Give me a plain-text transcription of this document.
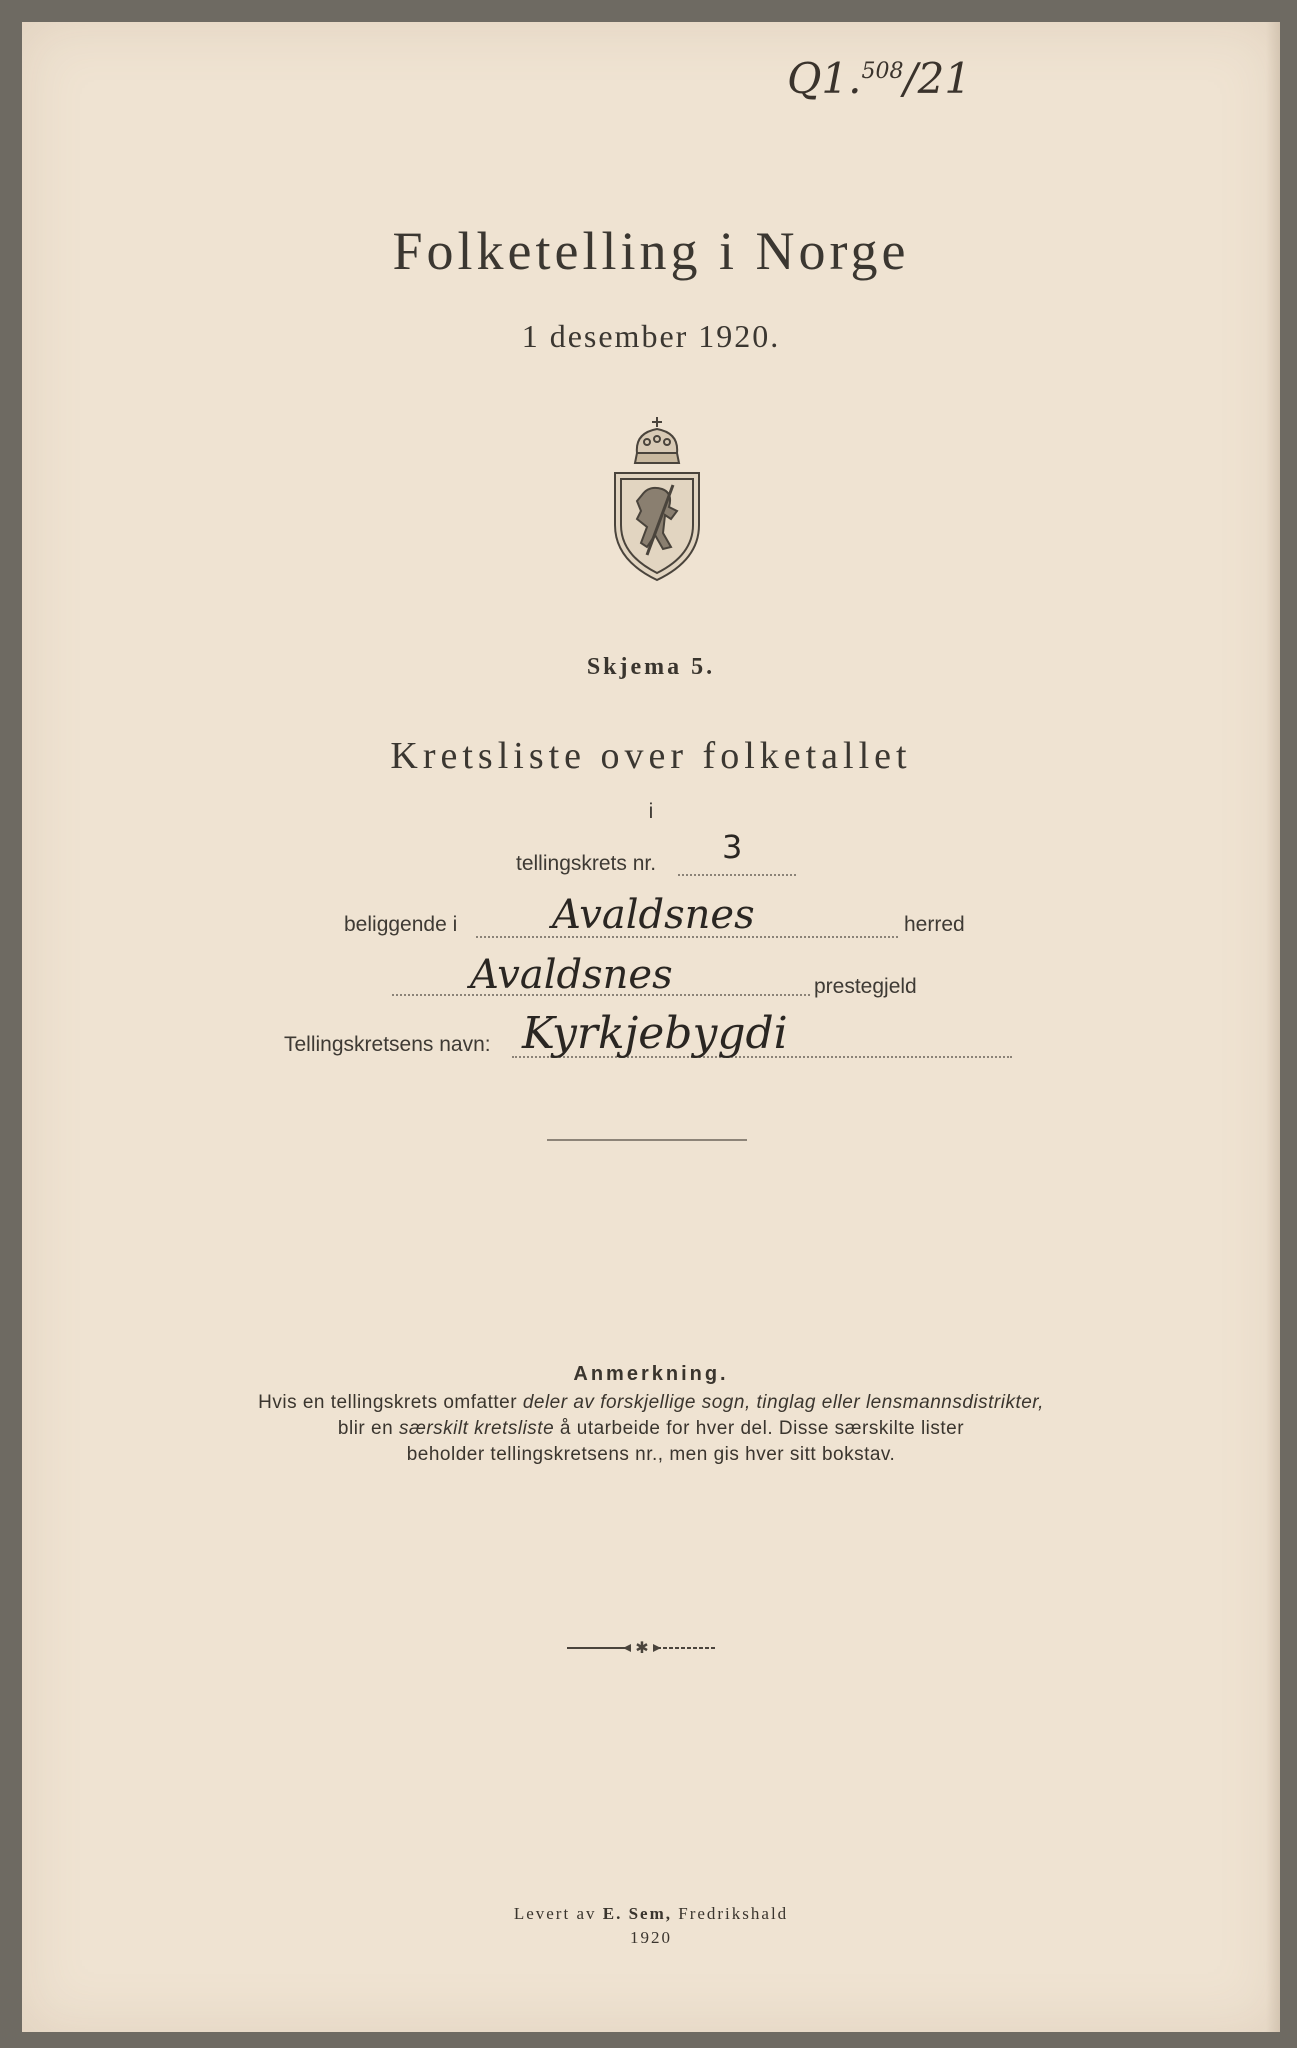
Q1.$^{508}$/21
Folketelling i Norge
1 desember 1920.
Skjema 5.
Kretsliste over folketallet
i
tellingskrets nr. 3
beliggende i Avaldsnes	herred
Avaldsnes	prestegjeld
Tellingskretsens navn: Kyrkjebygdi
Anmerkning.
Hvis en tellingskrets omfatter deler av forskjellige sogn, tinglag eller lensmannsdistrikter,
blir en særskilt kretsliste å utarbeide for hver del. Disse særskilte lister
beholder tellingskretsens nr., men gis hver sitt bokstav.
✱
Levert av E. Sem, Fredrikshald
1920
